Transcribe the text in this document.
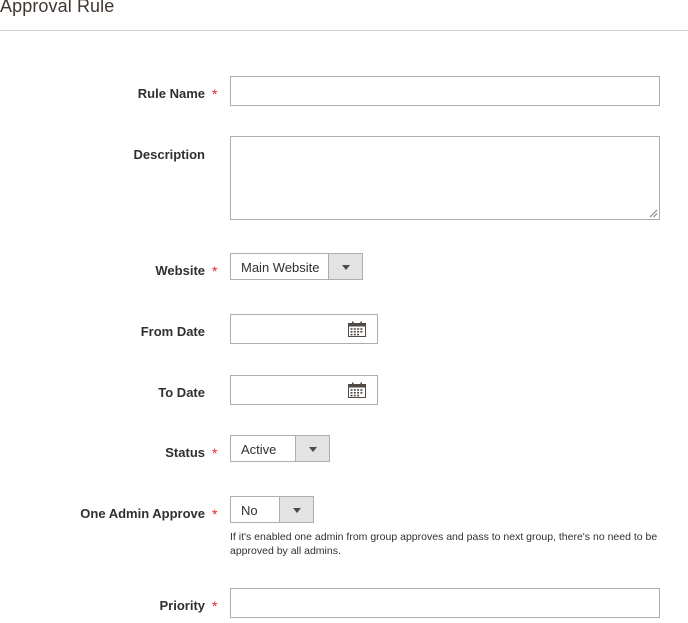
Approval Rule
Rule Name *
Description
Website * Main Website
From Date
To Date
Status * Active
One Admin Approve * No
If it's enabled one admin from group approves and pass to next group, there's no need to be approved by all admins.
Priority *
